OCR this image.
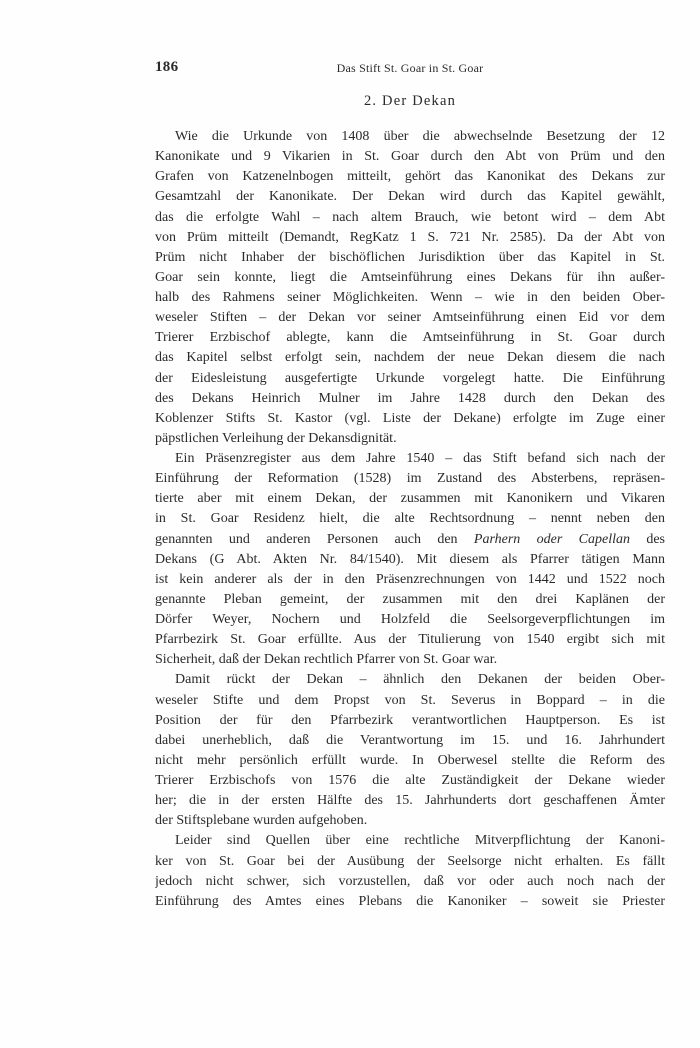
186	Das Stift St. Goar in St. Goar
2. Der Dekan
Wie die Urkunde von 1408 über die abwechselnde Besetzung der 12
Kanonikate und 9 Vikarien in St. Goar durch den Abt von Prüm und den
Grafen von Katzenelnbogen mitteilt, gehört das Kanonikat des Dekans zur
Gesamtzahl der Kanonikate. Der Dekan wird durch das Kapitel gewählt,
das die erfolgte Wahl – nach altem Brauch, wie betont wird – dem Abt
von Prüm mitteilt (Demandt, RegKatz 1 S. 721 Nr. 2585). Da der Abt von
Prüm nicht Inhaber der bischöflichen Jurisdiktion über das Kapitel in St.
Goar sein konnte, liegt die Amtseinführung eines Dekans für ihn außer-
halb des Rahmens seiner Möglichkeiten. Wenn – wie in den beiden Ober-
weseler Stiften – der Dekan vor seiner Amtseinführung einen Eid vor dem
Trierer Erzbischof ablegte, kann die Amtseinführung in St. Goar durch
das Kapitel selbst erfolgt sein, nachdem der neue Dekan diesem die nach
der Eidesleistung ausgefertigte Urkunde vorgelegt hatte. Die Einführung
des Dekans Heinrich Mulner im Jahre 1428 durch den Dekan des
Koblenzer Stifts St. Kastor (vgl. Liste der Dekane) erfolgte im Zuge einer
päpstlichen Verleihung der Dekansdignität.
Ein Präsenzregister aus dem Jahre 1540 – das Stift befand sich nach der
Einführung der Reformation (1528) im Zustand des Absterbens, repräsen-
tierte aber mit einem Dekan, der zusammen mit Kanonikern und Vikaren
in St. Goar Residenz hielt, die alte Rechtsordnung – nennt neben den
genannten und anderen Personen auch den Parhern oder Capellan des
Dekans (G Abt. Akten Nr. 84/1540). Mit diesem als Pfarrer tätigen Mann
ist kein anderer als der in den Präsenzrechnungen von 1442 und 1522 noch
genannte Pleban gemeint, der zusammen mit den drei Kaplänen der
Dörfer Weyer, Nochern und Holzfeld die Seelsorgeverpflichtungen im
Pfarrbezirk St. Goar erfüllte. Aus der Titulierung von 1540 ergibt sich mit
Sicherheit, daß der Dekan rechtlich Pfarrer von St. Goar war.
Damit rückt der Dekan – ähnlich den Dekanen der beiden Ober-
weseler Stifte und dem Propst von St. Severus in Boppard – in die
Position der für den Pfarrbezirk verantwortlichen Hauptperson. Es ist
dabei unerheblich, daß die Verantwortung im 15. und 16. Jahrhundert
nicht mehr persönlich erfüllt wurde. In Oberwesel stellte die Reform des
Trierer Erzbischofs von 1576 die alte Zuständigkeit der Dekane wieder
her; die in der ersten Hälfte des 15. Jahrhunderts dort geschaffenen Ämter
der Stiftsplebane wurden aufgehoben.
Leider sind Quellen über eine rechtliche Mitverpflichtung der Kanoni-
ker von St. Goar bei der Ausübung der Seelsorge nicht erhalten. Es fällt
jedoch nicht schwer, sich vorzustellen, daß vor oder auch noch nach der
Einführung des Amtes eines Plebans die Kanoniker – soweit sie Priester
